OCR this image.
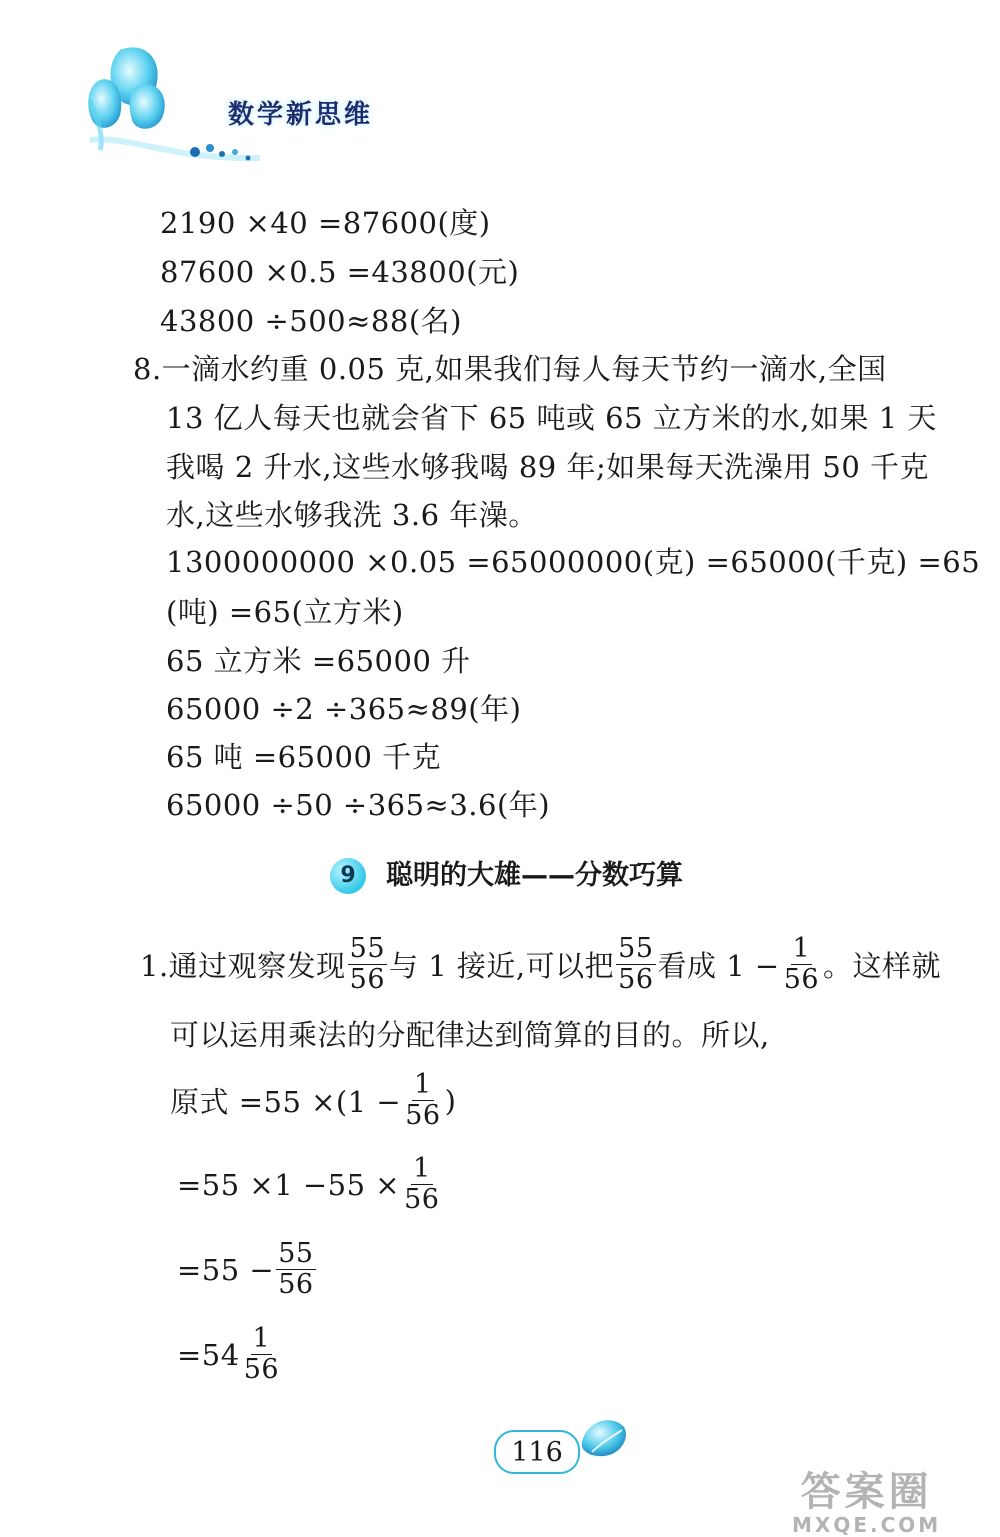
数学新思维
2190 ×40 =87600(度)
87600 ×0.5 =43800(元)
43800 ÷500≈88(名)
8.一滴水约重 0.05 克,如果我们每人每天节约一滴水,全国
13 亿人每天也就会省下 65 吨或 65 立方米的水,如果 1 天
我喝 2 升水,这些水够我喝 89 年;如果每天洗澡用 50 千克
水,这些水够我洗 3.6 年澡。
1300000000 ×0.05 =65000000(克) =65000(千克) =65
(吨) =65(立方米)
65 立方米 =65000 升
65000 ÷2 ÷365≈89(年)
65 吨 =65000 千克
65000 ÷50 ÷365≈3.6(年)
9	聪明的大雄——分数巧算
1.通过观察发现 $\frac{55}{56}$ 与 1 接近,可以把 $\frac{55}{56}$ 看成 $1 - \frac{1}{56}$ 。这样就
可以运用乘法的分配律达到简算的目的。所以,
原式 $=55 \times(1 - \frac{1}{56}$ )
$=55 \times 1 -55 \times \frac{1}{56}$
$=55 - \frac{55}{56}$
$=54 \frac{1}{56}$
116
答案圈
MXQE.COM
